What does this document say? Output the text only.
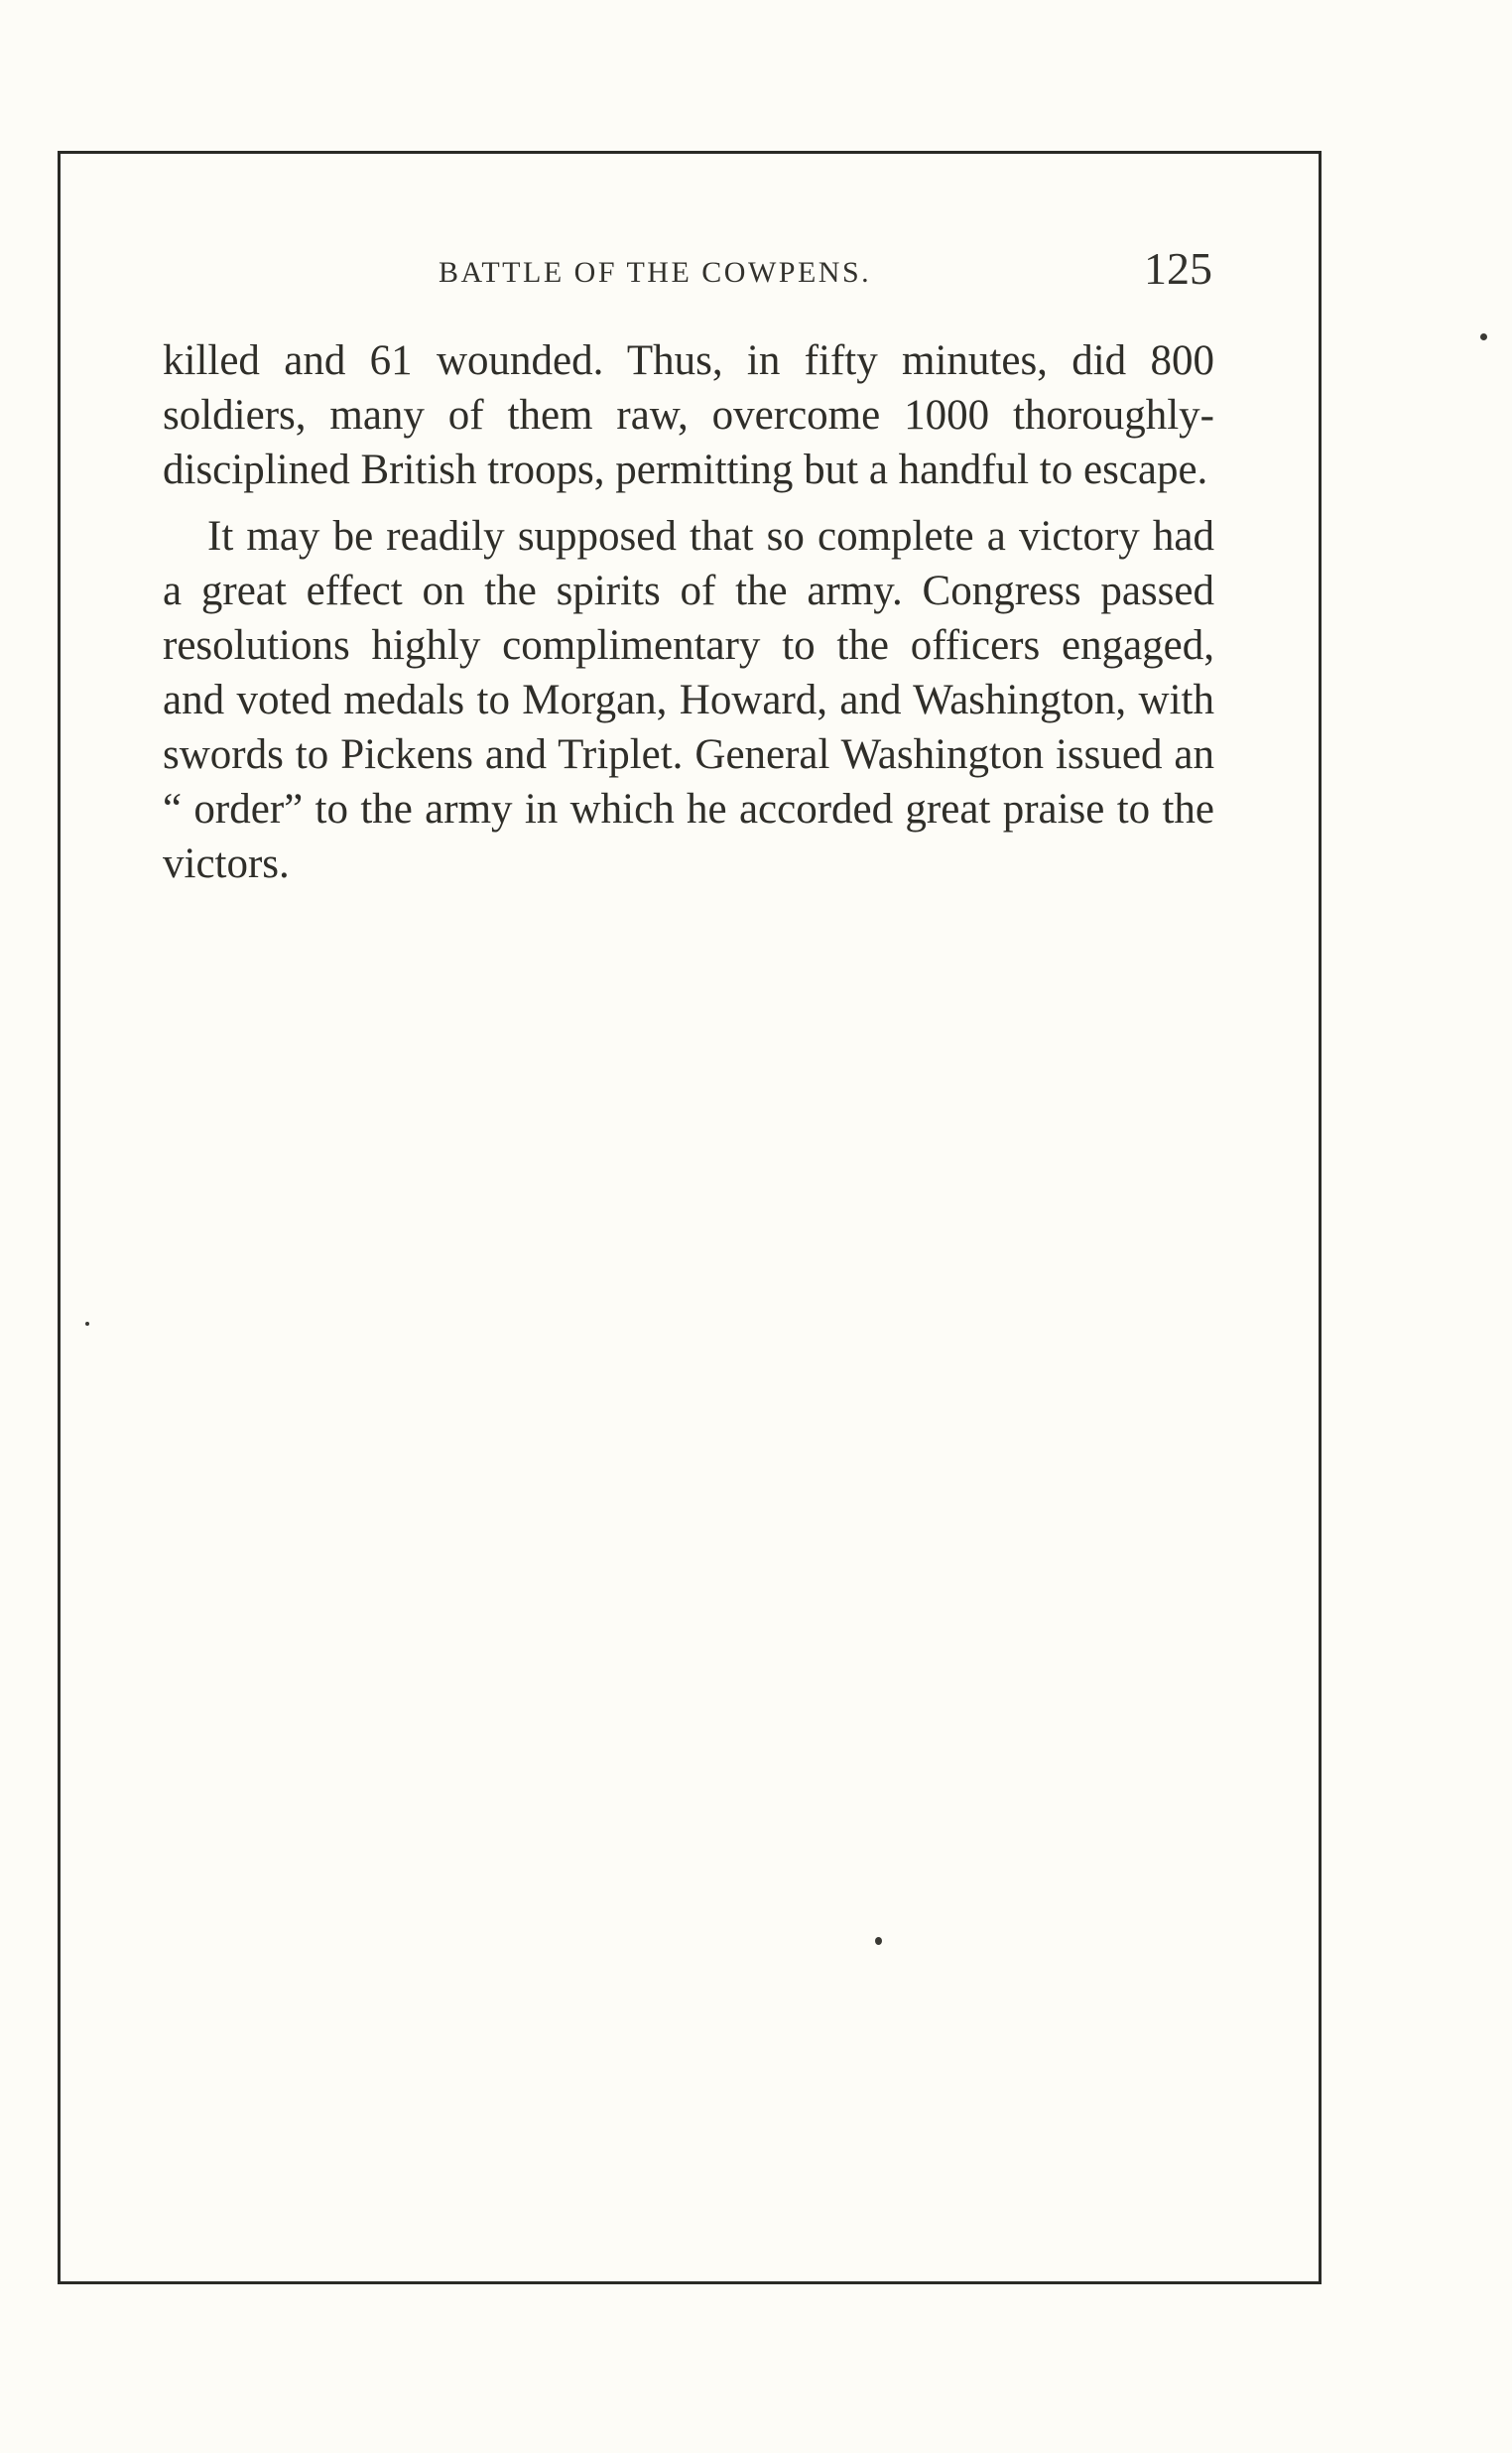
BATTLE OF THE COWPENS.	125

killed and 61 wounded. Thus, in fifty minutes, did 800 soldiers, many of them raw, overcome 1000 thoroughly-disciplined British troops, permitting but a handful to escape.

It may be readily supposed that so complete a victory had a great effect on the spirits of the army. Congress passed resolutions highly complimentary to the officers engaged, and voted medals to Morgan, Howard, and Washington, with swords to Pickens and Triplet. General Washington issued an “ order” to the army in which he accorded great praise to the victors.
